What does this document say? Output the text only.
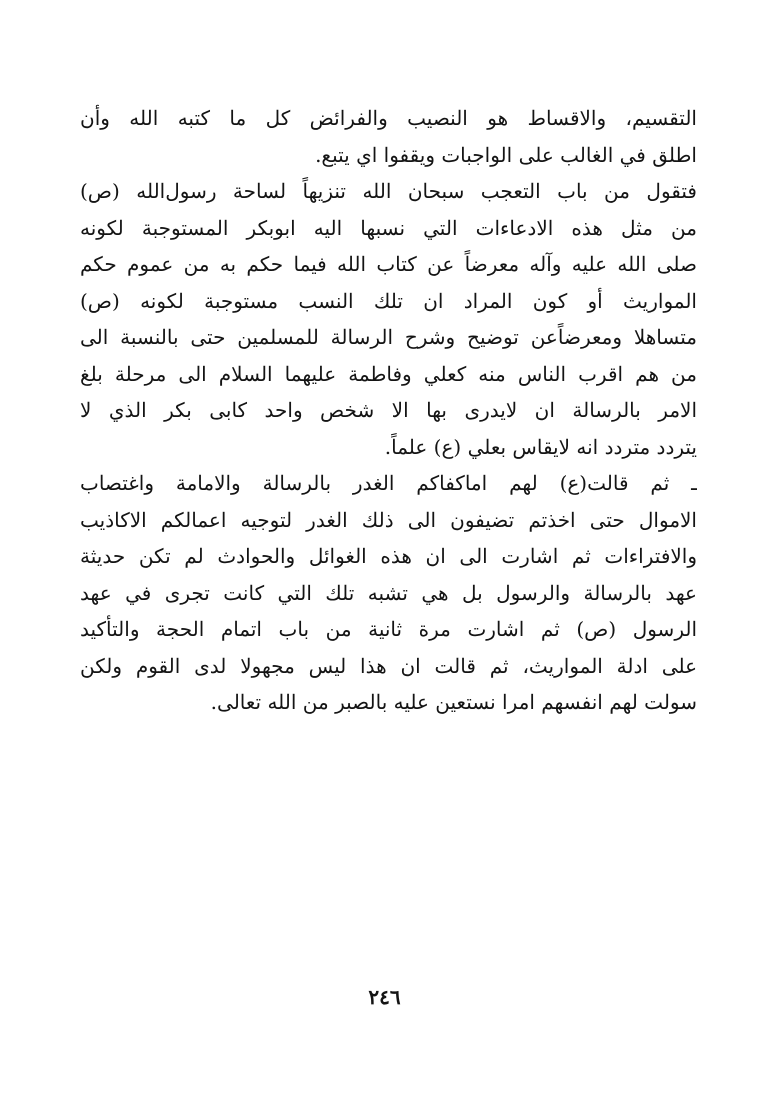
التقسيم، والاقساط هو النصيب والفرائض كل ما كتبه الله وأن
اطلق في الغالب على الواجبات ويقفوا اي يتبع.
فتقول من باب التعجب سبحان الله تنزيهاً لساحة رسول‌الله (ص)
من مثل هذه الادعاءات التي نسبها اليه ابوبكر المستوجبة لكونه
صلى الله عليه وآله معرضاً عن كتاب الله فيما حكم به من عموم حكم
المواريث أو كون المراد ان تلك النسب مستوجبة لكونه (ص)
متساهلا ومعرضاًعن توضيح وشرح الرسالة للمسلمين حتى بالنسبة الى
من هم اقرب الناس منه كعلي وفاطمة عليهما السلام الى مرحلة بلغ
الامر بالرسالة ان لايدرى بها الا شخص واحد كابى بكر الذي لا
يتردد متردد انه لايقاس بعلي (ع) علماً.
ـ ثم قالت(ع) لهم اماكفاكم الغدر بالرسالة والامامة واغتصاب
الاموال حتى اخذتم تضيفون الى ذلك الغدر لتوجيه اعمالكم الاكاذيب
والافتراءات ثم اشارت الى ان هذه الغوائل والحوادث لم تكن حديثة
عهد بالرسالة والرسول بل هي تشبه تلك التي كانت تجرى في عهد
الرسول (ص) ثم اشارت مرة ثانية من باب اتمام الحجة والتأكيد
على ادلة المواريث، ثم قالت ان هذا ليس مجهولا لدى القوم ولكن
سولت لهم انفسهم امرا نستعين عليه بالصبر من الله تعالى.
٢٤٦
